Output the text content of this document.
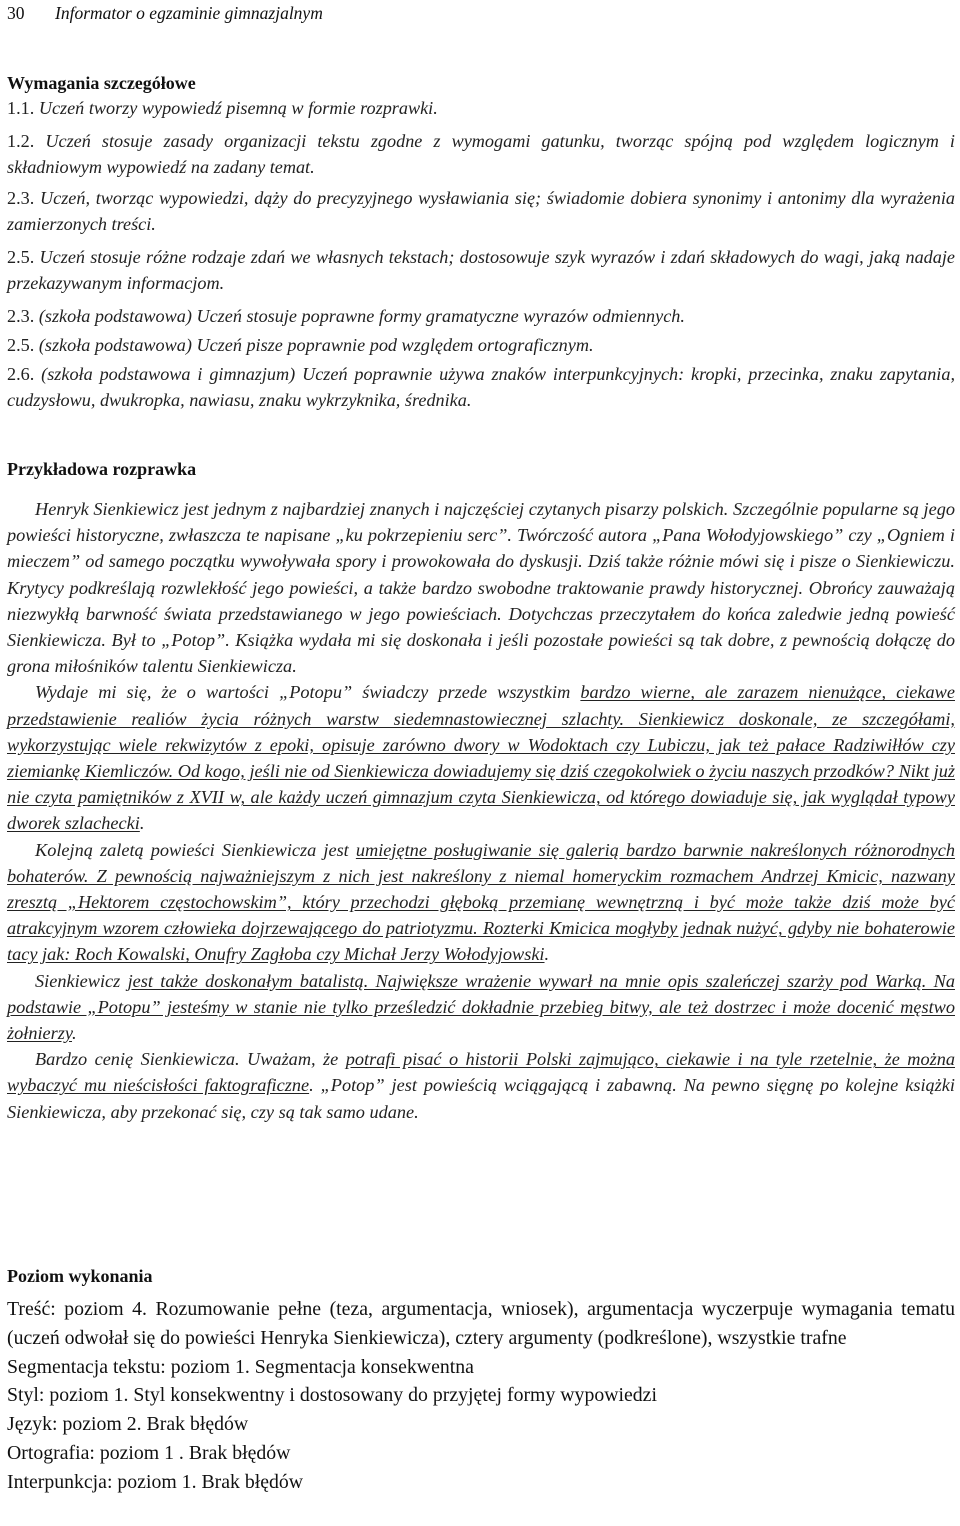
30 Informator o egzaminie gimnazjalnym
Wymagania szczegółowe
1.1. Uczeń tworzy wypowiedź pisemną w formie rozprawki.
1.2. Uczeń stosuje zasady organizacji tekstu zgodne z wymogami gatunku, tworząc spójną pod względem logicznym i składniowym wypowiedź na zadany temat.
2.3. Uczeń, tworząc wypowiedzi, dąży do precyzyjnego wysławiania się; świadomie dobiera synonimy i antonimy dla wyrażenia zamierzonych treści.
2.5. Uczeń stosuje różne rodzaje zdań we własnych tekstach; dostosowuje szyk wyrazów i zdań składowych do wagi, jaką nadaje przekazywanym informacjom.
2.3. (szkoła podstawowa) Uczeń stosuje poprawne formy gramatyczne wyrazów odmiennych.
2.5. (szkoła podstawowa) Uczeń pisze poprawnie pod względem ortograficznym.
2.6. (szkoła podstawowa i gimnazjum) Uczeń poprawnie używa znaków interpunkcyjnych: kropki, przecinka, znaku zapytania, cudzysłowu, dwukropka, nawiasu, znaku wykrzyknika, średnika.
Przykładowa rozprawka

Henryk Sienkiewicz jest jednym z najbardziej znanych i najczęściej czytanych pisarzy polskich. Szczególnie popularne są jego powieści historyczne, zwłaszcza te napisane „ku pokrzepieniu serc”. Twórczość autora „Pana Wołodyjowskiego” czy „Ogniem i mieczem” od samego początku wywoływała spory i prowokowała do dyskusji. Dziś także różnie mówi się i pisze o Sienkiewiczu. Krytycy podkreślają rozwlekłość jego powieści, a także bardzo swobodne traktowanie prawdy historycznej. Obrońcy zauważają niezwykłą barwność świata przedstawianego w jego powieściach. Dotychczas przeczytałem do końca zaledwie jedną powieść Sienkiewicza. Był to „Potop”. Książka wydała mi się doskonała i jeśli pozostałe powieści są tak dobre, z pewnością dołączę do grona miłośników talentu Sienkiewicza.

Wydaje mi się, że o wartości „Potopu” świadczy przede wszystkim bardzo wierne, ale zarazem nienużące, ciekawe przedstawienie realiów życia różnych warstw siedemnastowiecznej szlachty. Sienkiewicz doskonale, ze szczegółami, wykorzystując wiele rekwizytów z epoki, opisuje zarówno dwory w Wodoktach czy Lubiczu, jak też pałace Radziwiłłów czy ziemiankę Kiemliczów. Od kogo, jeśli nie od Sienkiewicza dowiadujemy się dziś czegokolwiek o życiu naszych przodków? Nikt już nie czyta pamiętników z XVII w, ale każdy uczeń gimnazjum czyta Sienkiewicza, od którego dowiaduje się, jak wyglądał typowy dworek szlachecki.

Kolejną zaletą powieści Sienkiewicza jest umiejętne posługiwanie się galerią bardzo barwnie nakreślonych różnorodnych bohaterów. Z pewnością najważniejszym z nich jest nakreślony z niemal homeryckim rozmachem Andrzej Kmicic, nazwany zresztą „Hektorem częstochowskim”, który przechodzi głęboką przemianę wewnętrzną i być może także dziś może być atrakcyjnym wzorem człowieka dojrzewającego do patriotyzmu. Rozterki Kmicica mogłyby jednak nużyć, gdyby nie bohaterowie tacy jak: Roch Kowalski, Onufry Zagłoba czy Michał Jerzy Wołodyjowski.

Sienkiewicz jest także doskonałym batalistą. Największe wrażenie wywarł na mnie opis szaleńczej szarży pod Warką. Na podstawie „Potopu” jesteśmy w stanie nie tylko prześledzić dokładnie przebieg bitwy, ale też dostrzec i może docenić męstwo żołnierzy.

Bardzo cenię Sienkiewicza. Uważam, że potrafi pisać o historii Polski zajmująco, ciekawie i na tyle rzetelnie, że można wybaczyć mu nieścisłości faktograficzne. „Potop” jest powieścią wciągającą i zabawną. Na pewno sięgnę po kolejne książki Sienkiewicza, aby przekonać się, czy są tak samo udane.

Poziom wykonania

Treść: poziom 4. Rozumowanie pełne (teza, argumentacja, wniosek), argumentacja wyczerpuje wymagania tematu (uczeń odwołał się do powieści Henryka Sienkiewicza), cztery argumenty (podkreślone), wszystkie trafne

Segmentacja tekstu: poziom 1. Segmentacja konsekwentna

Styl: poziom 1. Styl konsekwentny i dostosowany do przyjętej formy wypowiedzi

Język: poziom 2. Brak błędów

Ortografia: poziom 1 . Brak błędów

Interpunkcja: poziom 1. Brak błędów
